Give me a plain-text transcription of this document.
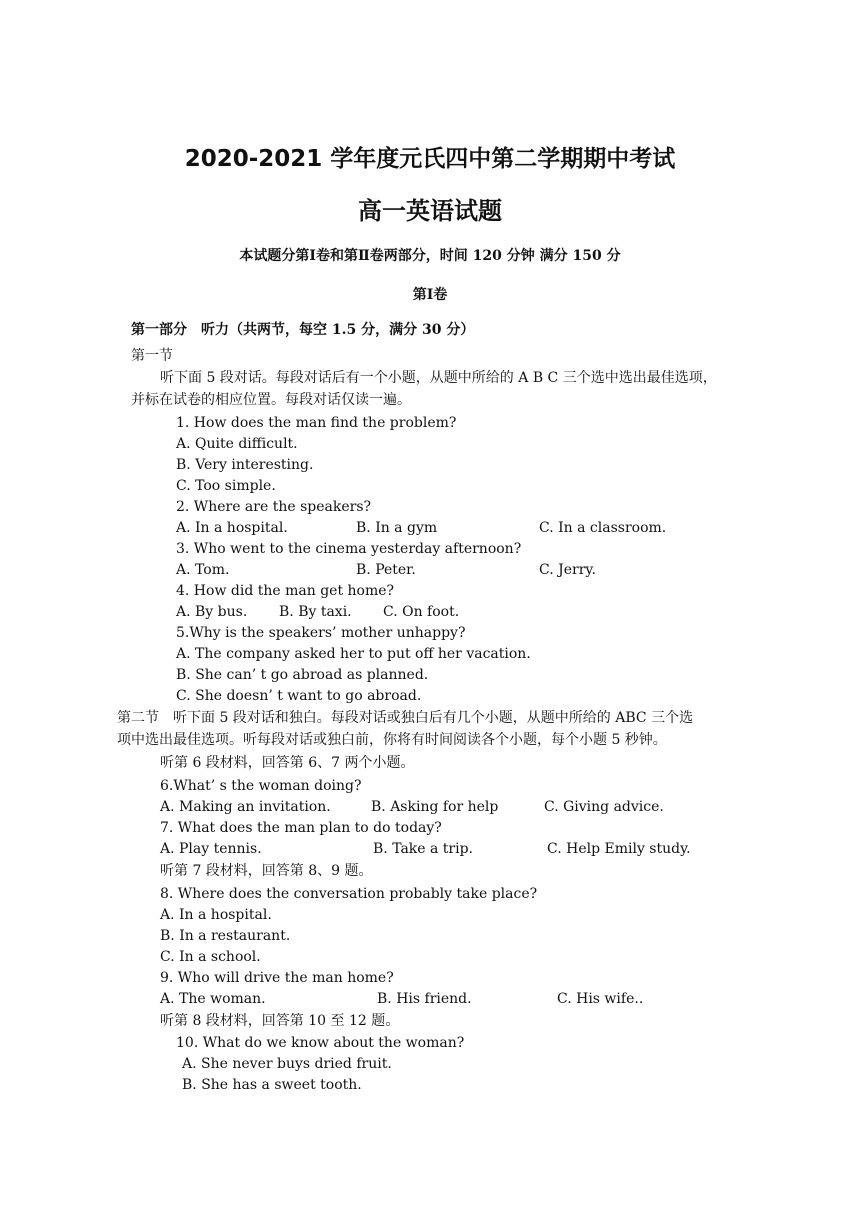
2020-2021 学年度元氏四中第二学期期中考试
高一英语试题
本试题分第Ⅰ卷和第Ⅱ卷两部分，时间 120 分钟 满分 150 分
第Ⅰ卷
第一部分　听力（共两节，每空 1.5 分，满分 30 分）
第一节
听下面 5 段对话。每段对话后有一个小题，从题中所给的 A B C 三个选中选出最佳选项，
并标在试卷的相应位置。每段对话仅读一遍。
1. How does the man find the problem?
A. Quite difficult.
B. Very interesting.
C. Too simple.
2. Where are the speakers?
A. In a hospital.	B. In a gym	C. In a classroom.
3. Who went to the cinema yesterday afternoon?
A. Tom.	B. Peter.	C. Jerry.
4. How did the man get home?
A. By bus. B. By taxi. C. On foot.
5.Why is the speakers’ mother unhappy?
A. The company asked her to put off her vacation.
B. She can’ t go abroad as planned.
C. She doesn’ t want to go abroad.
第二节　听下面 5 段对话和独白。每段对话或独白后有几个小题，从题中所给的 ABC 三个选
项中选出最佳选项。听每段对话或独白前，你将有时间阅读各个小题，每个小题 5 秒钟。
听第 6 段材料，回答第 6、7 两个小题。
6.What’ s the woman doing?
A. Making an invitation.	B. Asking for help	C. Giving advice.
7. What does the man plan to do today?
A. Play tennis.	B. Take a trip.	C. Help Emily study.
听第 7 段材料，回答第 8、9 题。
8. Where does the conversation probably take place?
A. In a hospital.
B. In a restaurant.
C. In a school.
9. Who will drive the man home?
A. The woman.	B. His friend.	C. His wife..
听第 8 段材料，回答第 10 至 12 题。
10. What do we know about the woman?
A. She never buys dried fruit.
B. She has a sweet tooth.
